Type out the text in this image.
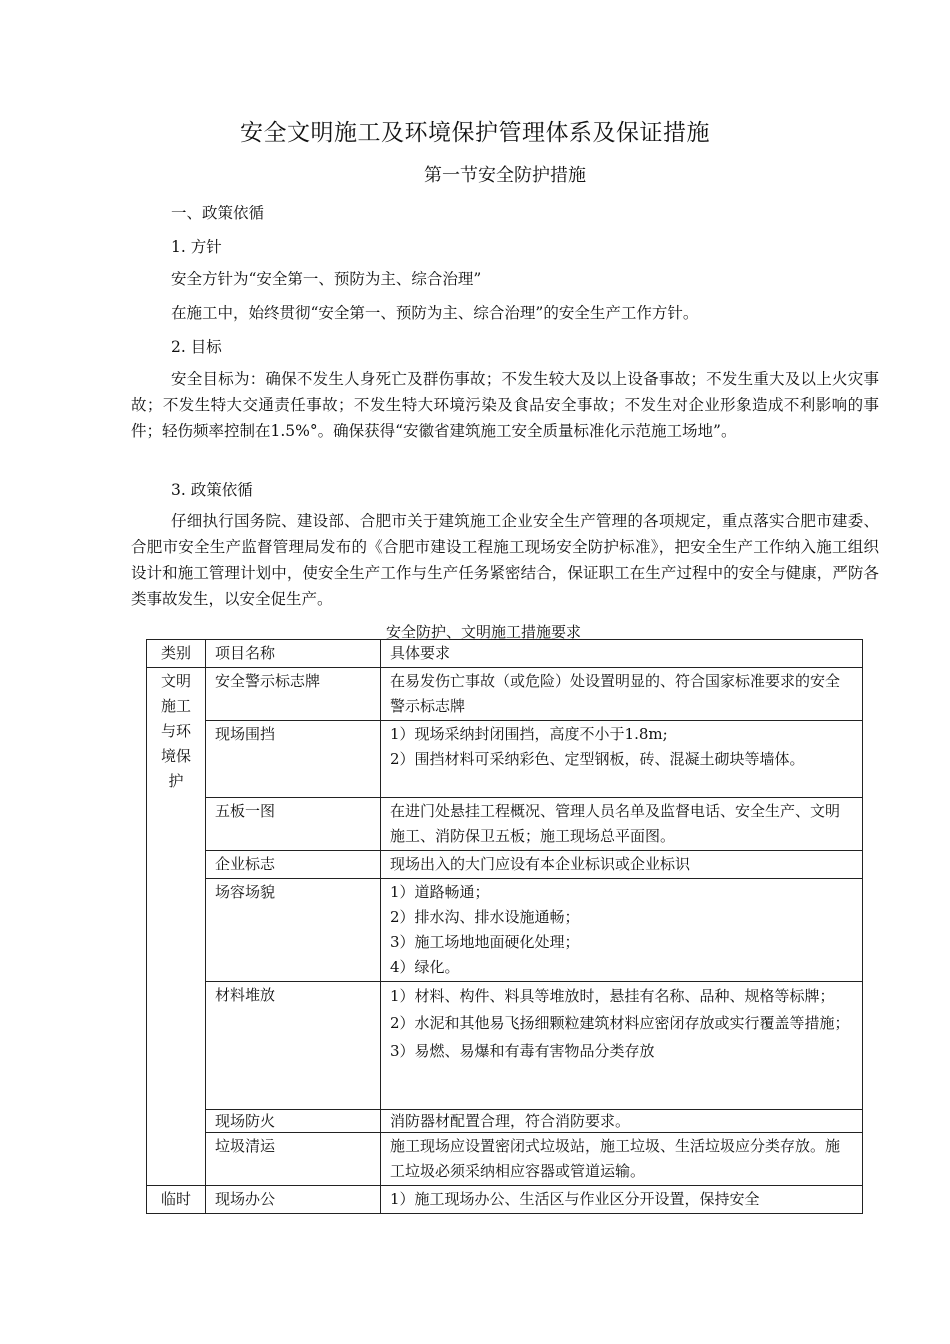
安全文明施工及环境保护管理体系及保证措施
第一节安全防护措施
一、政策依循
1. 方针
安全方针为“安全第一、预防为主、综合治理”
在施工中，始终贯彻“安全第一、预防为主、综合治理”的安全生产工作方针。
2. 目标
安全目标为：确保不发生人身死亡及群伤事故；不发生较大及以上设备事故；不发生重大及以上火灾事故；不发生特大交通责任事故；不发生特大环境污染及食品安全事故；不发生对企业形象造成不利影响的事件；轻伤频率控制在1.5%°。确保获得“安徽省建筑施工安全质量标准化示范施工场地”。
3. 政策依循
仔细执行国务院、建设部、合肥市关于建筑施工企业安全生产管理的各项规定，重点落实合肥市建委、合肥市安全生产监督管理局发布的《合肥市建设工程施工现场安全防护标准》，把安全生产工作纳入施工组织设计和施工管理计划中，使安全生产工作与生产任务紧密结合，保证职工在生产过程中的安全与健康，严防各类事故发生，以安全促生产。
安全防护、文明施工措施要求
类别	项目名称	具体要求

文明
施工
与环
境保
护	安全警示标志牌	在易发伤亡事故（或危险）处设置明显的、符合国家标准要求的安全警示标志牌

	现场围挡	1）现场采纳封闭围挡，高度不小于1.8m;
2）围挡材料可采纳彩色、定型钢板，砖、混凝土砌块等墙体。

	五板一图	在进门处悬挂工程概况、管理人员名单及监督电话、安全生产、文明施工、消防保卫五板；施工现场总平面图。

	企业标志	现场出入的大门应设有本企业标识或企业标识

	场容场貌	1）道路畅通；
2）排水沟、排水设施通畅；
3）施工场地地面硬化处理；
4）绿化。

	材料堆放	1）材料、构件、料具等堆放时，悬挂有名称、品种、规格等标牌；
2）水泥和其他易飞扬细颗粒建筑材料应密闭存放或实行覆盖等措施；
3）易燃、易爆和有毒有害物品分类存放

	现场防火	消防器材配置合理，符合消防要求。

	垃圾清运	施工现场应设置密闭式垃圾站，施工垃圾、生活垃圾应分类存放。施工垃圾必须采纳相应容器或管道运输。

临时	现场办公	1）施工现场办公、生活区与作业区分开设置，保持安全
